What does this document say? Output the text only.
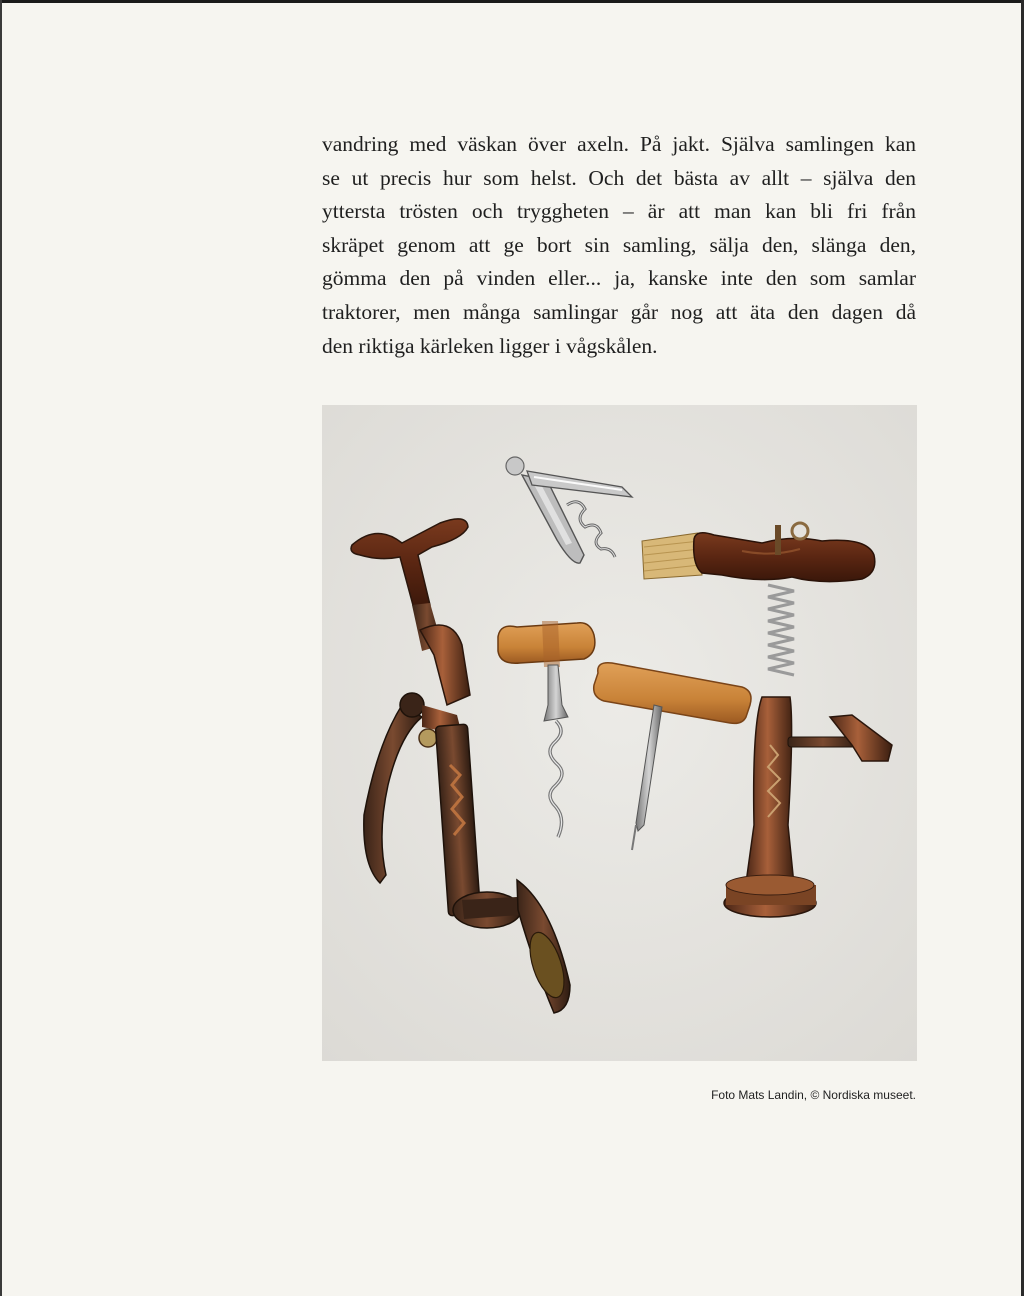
vandring med väskan över axeln. På jakt. Själva samlingen kan
se ut precis hur som helst. Och det bästa av allt – själva den
yttersta trösten och tryggheten – är att man kan bli fri från
skräpet genom att ge bort sin samling, sälja den, slänga den,
gömma den på vinden eller... ja, kanske inte den som samlar
traktorer, men många samlingar går nog att äta den dagen då
den riktiga kärleken ligger i vågskålen.

Foto Mats Landin, © Nordiska museet.
